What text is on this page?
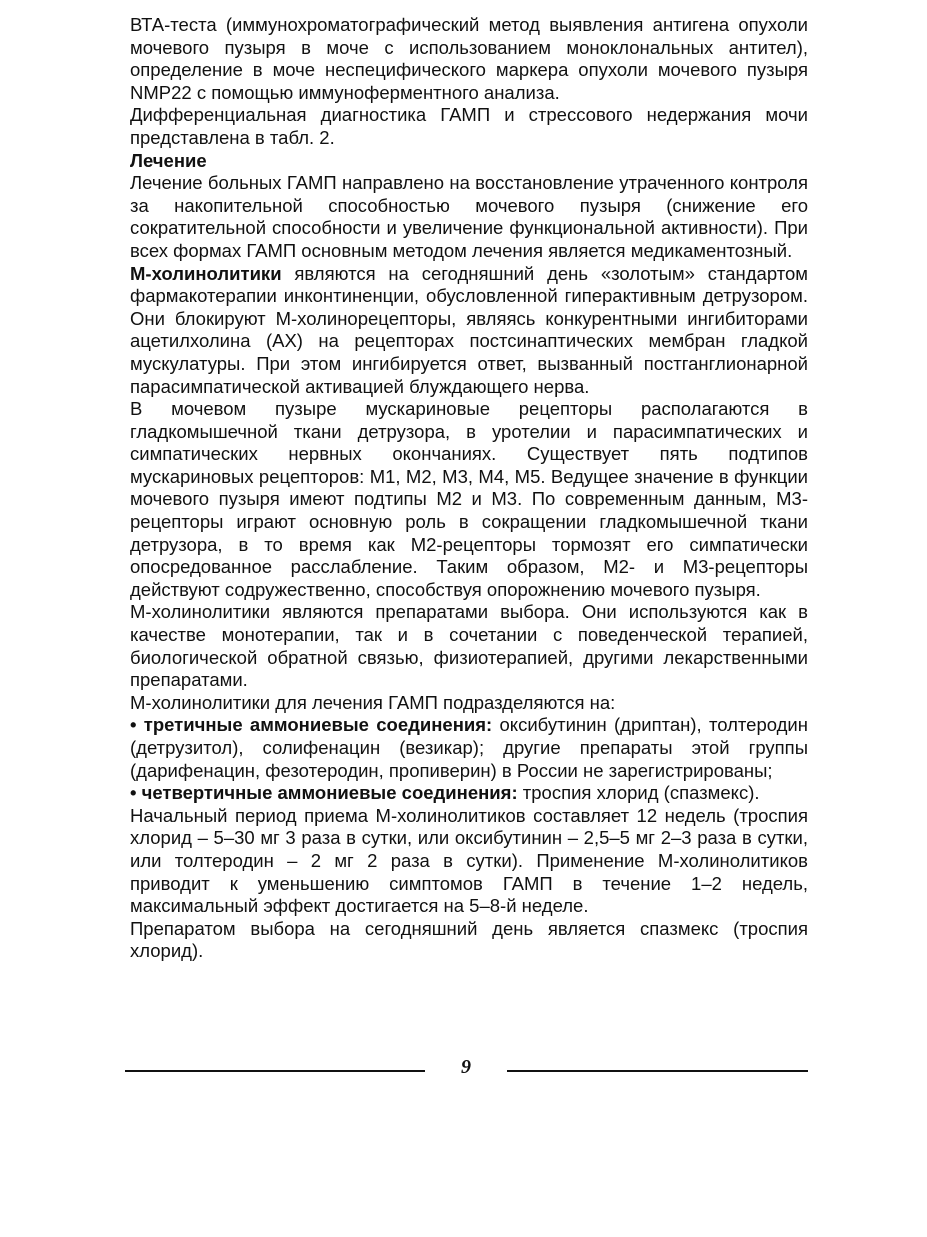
ВТА-теста (иммунохроматографический метод выявления антигена опухоли мочевого пузыря в моче с использованием моноклональных антител), определение в моче неспецифического маркера опухоли мочевого пузыря NMP22 с помощью иммуноферментного анализа.

Дифференциальная диагностика ГАМП и стрессового недержания мочи представлена в табл. 2.

Лечение

Лечение больных ГАМП направлено на восстановление утраченного контроля за накопительной способностью мочевого пузыря (снижение его сократительной способности и увеличение функциональной активности). При всех формах ГАМП основным методом лечения является медикаментозный.

М-холинолитики являются на сегодняшний день «золотым» стандартом фармакотерапии инконтиненции, обусловленной гиперактивным детрузором. Они блокируют М-холинорецепторы, являясь конкурентными ингибиторами ацетилхолина (АХ) на рецепторах постсинаптических мембран гладкой мускулатуры. При этом ингибируется ответ, вызванный постганглионарной парасимпатической активацией блуждающего нерва.

В мочевом пузыре мускариновые рецепторы располагаются в гладкомышечной ткани детрузора, в уротелии и парасимпатических и симпатических нервных окончаниях. Существует пять подтипов мускариновых рецепторов: М1, М2, М3, М4, М5. Ведущее значение в функции мочевого пузыря имеют подтипы М2 и М3. По современным данным, М3-рецепторы играют основную роль в сокращении гладкомышечной ткани детрузора, в то время как М2-рецепторы тормозят его симпатически опосредованное расслабление. Таким образом, М2- и М3-рецепторы действуют содружественно, способствуя опорожнению мочевого пузыря.

М-холинолитики являются препаратами выбора. Они используются как в качестве монотерапии, так и в сочетании с поведенческой терапией, биологической обратной связью, физиотерапией, другими лекарственными препаратами.

М-холинолитики для лечения ГАМП подразделяются на:

• третичные аммониевые соединения: оксибутинин (дриптан), толтеродин (детрузитол), солифенацин (везикар); другие препараты этой группы (дарифенацин, фезотеродин, пропиверин) в России не зарегистрированы;

• четвертичные аммониевые соединения: троспия хлорид (спазмекс).

Начальный период приема М-холинолитиков составляет 12 недель (троспия хлорид – 5–30 мг 3 раза в сутки, или оксибутинин – 2,5–5 мг 2–3 раза в сутки, или толтеродин – 2 мг 2 раза в сутки). Применение М-холинолитиков приводит к уменьшению симптомов ГАМП в течение 1–2 недель, максимальный эффект достигается на 5–8-й неделе.

Препаратом выбора на сегодняшний день является спазмекс (троспия хлорид).

9
